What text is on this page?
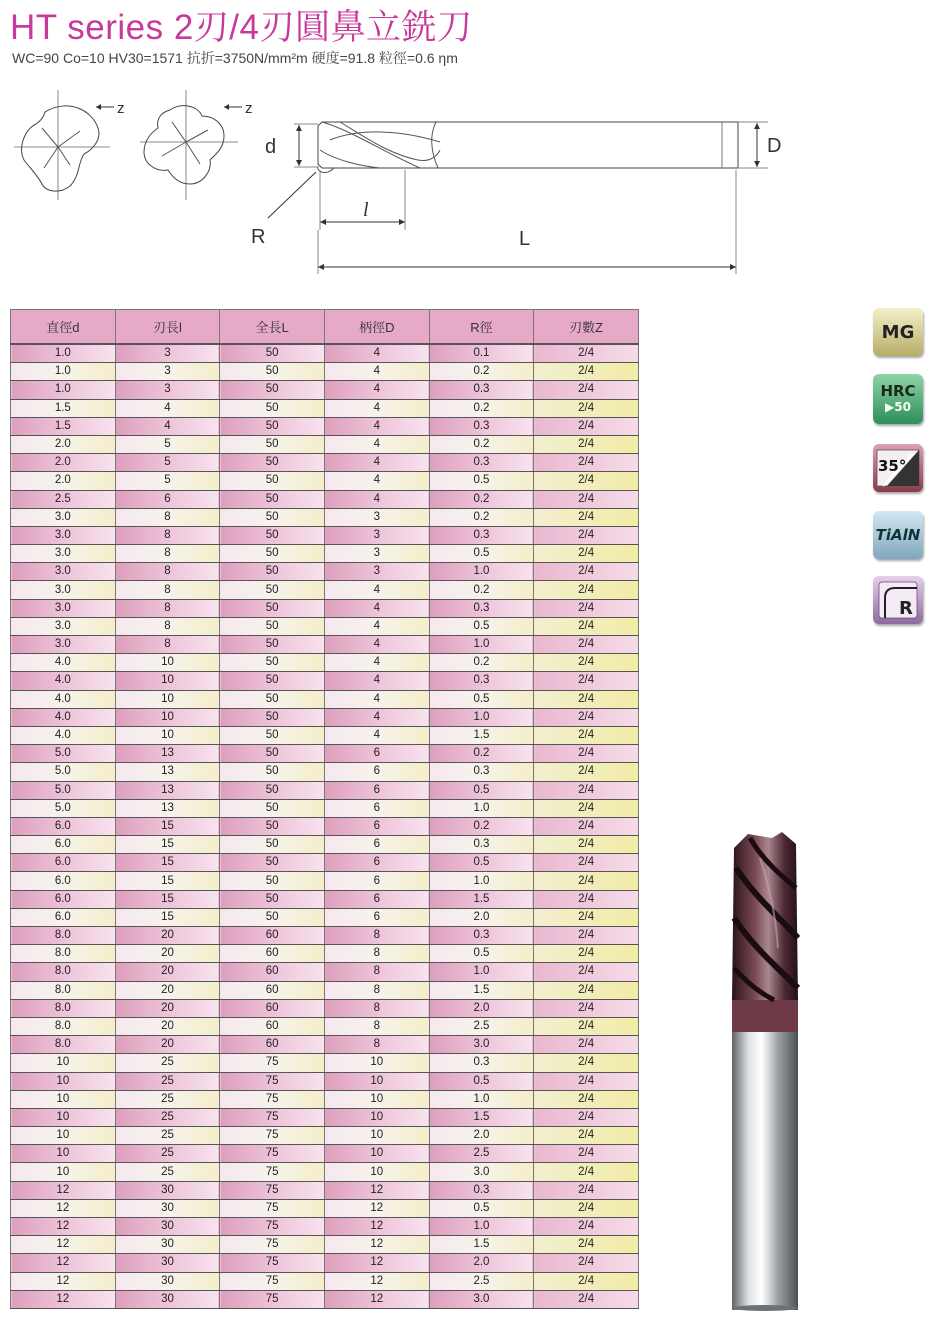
HT series 2刃/4刃圓鼻立銑刀
WC=90 Co=10 HV30=1571 抗折=3750N/mm²m 硬度=91.8 粒徑=0.6 ηm
z	z
d	D
R
l
L
直徑d	刃長l	全長L	柄徑D	R徑	刃數Z
1.0	3	50	4	0.1	2/4
1.0	3	50	4	0.2	2/4
1.0	3	50	4	0.3	2/4
1.5	4	50	4	0.2	2/4
1.5	4	50	4	0.3	2/4
2.0	5	50	4	0.2	2/4
2.0	5	50	4	0.3	2/4
2.0	5	50	4	0.5	2/4
2.5	6	50	4	0.2	2/4
3.0	8	50	3	0.2	2/4
3.0	8	50	3	0.3	2/4
3.0	8	50	3	0.5	2/4
3.0	8	50	3	1.0	2/4
3.0	8	50	4	0.2	2/4
3.0	8	50	4	0.3	2/4
3.0	8	50	4	0.5	2/4
3.0	8	50	4	1.0	2/4
4.0	10	50	4	0.2	2/4
4.0	10	50	4	0.3	2/4
4.0	10	50	4	0.5	2/4
4.0	10	50	4	1.0	2/4
4.0	10	50	4	1.5	2/4
5.0	13	50	6	0.2	2/4
5.0	13	50	6	0.3	2/4
5.0	13	50	6	0.5	2/4
5.0	13	50	6	1.0	2/4
6.0	15	50	6	0.2	2/4
6.0	15	50	6	0.3	2/4
6.0	15	50	6	0.5	2/4
6.0	15	50	6	1.0	2/4
6.0	15	50	6	1.5	2/4
6.0	15	50	6	2.0	2/4
8.0	20	60	8	0.3	2/4
8.0	20	60	8	0.5	2/4
8.0	20	60	8	1.0	2/4
8.0	20	60	8	1.5	2/4
8.0	20	60	8	2.0	2/4
8.0	20	60	8	2.5	2/4
8.0	20	60	8	3.0	2/4
10	25	75	10	0.3	2/4
10	25	75	10	0.5	2/4
10	25	75	10	1.0	2/4
10	25	75	10	1.5	2/4
10	25	75	10	2.0	2/4
10	25	75	10	2.5	2/4
10	25	75	10	3.0	2/4
12	30	75	12	0.3	2/4
12	30	75	12	0.5	2/4
12	30	75	12	1.0	2/4
12	30	75	12	1.5	2/4
12	30	75	12	2.0	2/4
12	30	75	12	2.5	2/4
12	30	75	12	3.0	2/4
MG
HRC
▶50
35°
TiAlN
R
